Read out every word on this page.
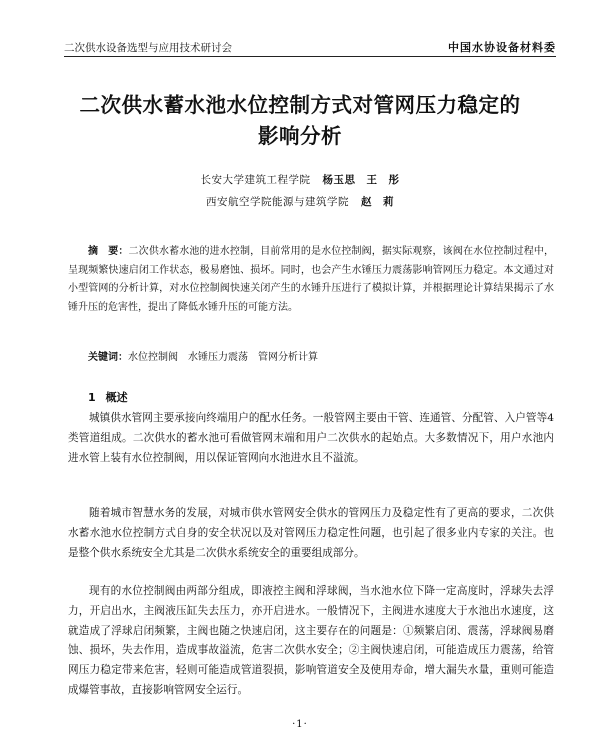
二次供水设备选型与应用技术研讨会	中国水协设备材料委
二次供水蓄水池水位控制方式对管网压力稳定的
影响分析
长安大学建筑工程学院 杨玉思　王　彤
西安航空学院能源与建筑学院 赵　莉
摘　要：二次供水蓄水池的进水控制，目前常用的是水位控制阀，据实际观察，该阀在水位控制过程中，呈现频繁快速启闭工作状态，极易磨蚀、损坏。同时，也会产生水锤压力震荡影响管网压力稳定。本文通过对小型管网的分析计算，对水位控制阀快速关闭产生的水锤升压进行了模拟计算，并根据理论计算结果揭示了水锤升压的危害性，提出了降低水锤升压的可能方法。
关键词：水位控制阀　水锤压力震荡　管网分析计算
1 概述
城镇供水管网主要承接向终端用户的配水任务。一般管网主要由干管、连通管、分配管、入户管等4类管道组成。二次供水的蓄水池可看做管网末端和用户二次供水的起始点。大多数情况下，用户水池内进水管上装有水位控制阀，用以保证管网向水池进水且不溢流。
随着城市智慧水务的发展，对城市供水管网安全供水的管网压力及稳定性有了更高的要求，二次供水蓄水池水位控制方式自身的安全状况以及对管网压力稳定性问题，也引起了很多业内专家的关注。也是整个供水系统安全尤其是二次供水系统安全的重要组成部分。
现有的水位控制阀由两部分组成，即液控主阀和浮球阀，当水池水位下降一定高度时，浮球失去浮力，开启出水，主阀液压缸失去压力，亦开启进水。一般情况下，主阀进水速度大于水池出水速度，这就造成了浮球启闭频繁，主阀也随之快速启闭，这主要存在的问题是：①频繁启闭、震荡，浮球阀易磨蚀、损坏，失去作用，造成事故溢流，危害二次供水安全；②主阀快速启闭，可能造成压力震荡，给管网压力稳定带来危害，轻则可能造成管道裂损，影响管道安全及使用寿命，增大漏失水量，重则可能造成爆管事故，直接影响管网安全运行。
·1·
